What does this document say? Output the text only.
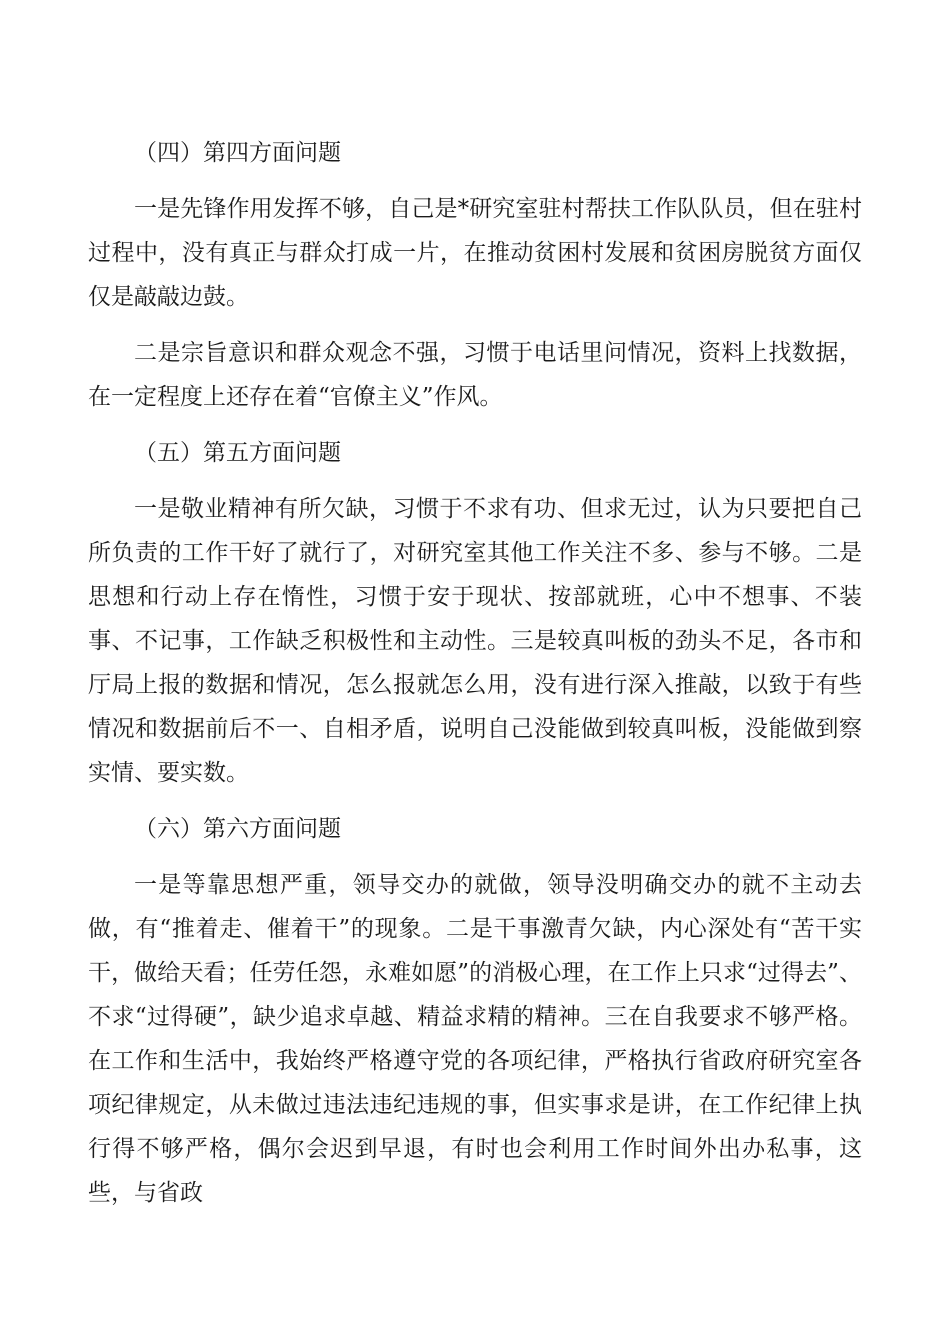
（四）第四方面问题

一是先锋作用发挥不够，自己是*研究室驻村帮扶工作队队员，但在驻村过程中，没有真正与群众打成一片，在推动贫困村发展和贫困房脱贫方面仅仅是敲敲边鼓。

二是宗旨意识和群众观念不强，习惯于电话里问情况，资料上找数据，在一定程度上还存在着“官僚主义”作风。

（五）第五方面问题

一是敬业精神有所欠缺，习惯于不求有功、但求无过，认为只要把自己所负责的工作干好了就行了，对研究室其他工作关注不多、参与不够。二是思想和行动上存在惰性，习惯于安于现状、按部就班，心中不想事、不装事、不记事，工作缺乏积极性和主动性。三是较真叫板的劲头不足，各市和厅局上报的数据和情况，怎么报就怎么用，没有进行深入推敲，以致于有些情况和数据前后不一、自相矛盾，说明自己没能做到较真叫板，没能做到察实情、要实数。

（六）第六方面问题

一是等靠思想严重，领导交办的就做，领导没明确交办的就不主动去做，有“推着走、催着干”的现象。二是干事激青欠缺，内心深处有“苦干实干，做给天看；任劳任怨，永难如愿”的消极心理，在工作上只求“过得去”、不求“过得硬”，缺少追求卓越、精益求精的精神。三在自我要求不够严格。在工作和生活中，我始终严格遵守党的各项纪律，严格执行省政府研究室各项纪律规定，从未做过违法违纪违规的事，但实事求是讲，在工作纪律上执行得不够严格，偶尔会迟到早退，有时也会利用工作时间外出办私事，这些，与省政
